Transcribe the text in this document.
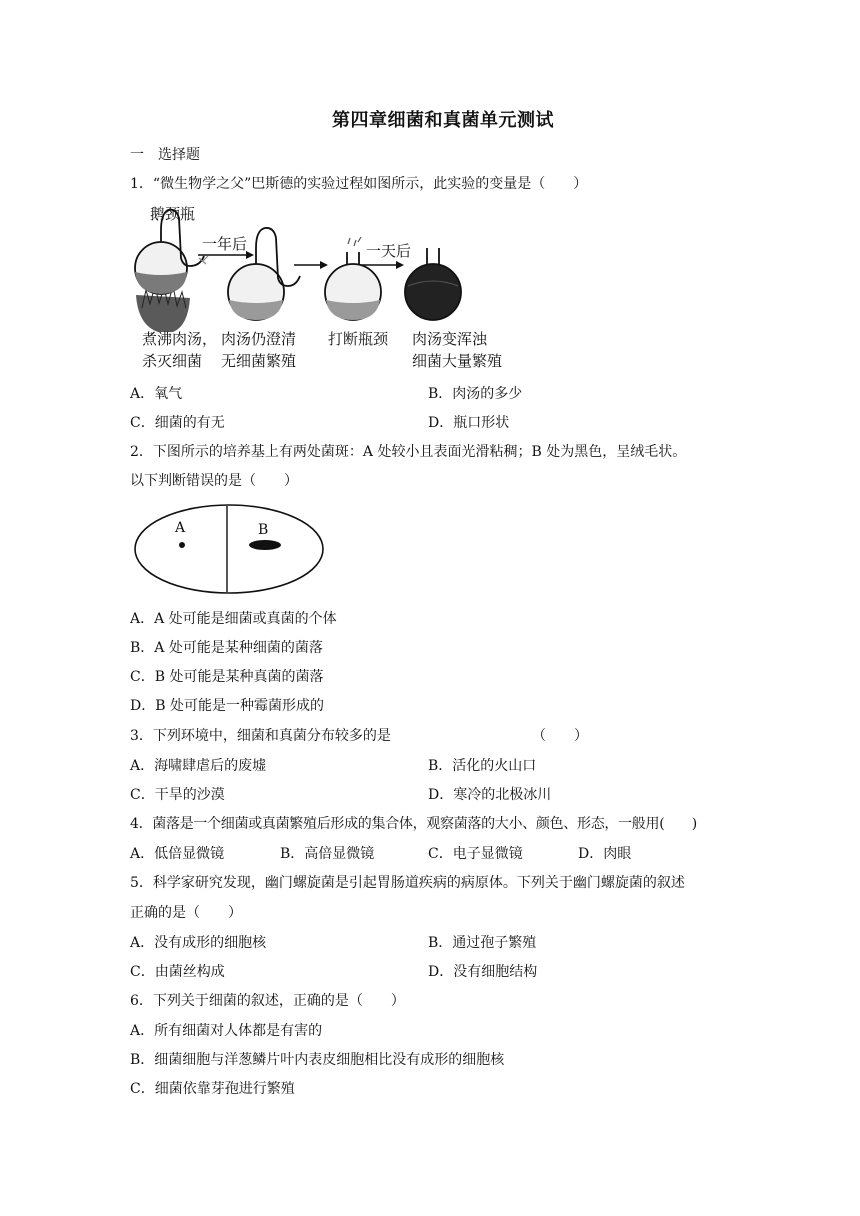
第四章细菌和真菌单元测试
一　选择题
1．“微生物学之父”巴斯德的实验过程如图所示，此实验的变量是（　　）
鹅颈瓶
一年后	一天后
煮沸肉汤，
杀灭细菌
肉汤仍澄清
无细菌繁殖
打断瓶颈 肉汤变浑浊
细菌大量繁殖
A．氧气	B．肉汤的多少
C．细菌的有无	D．瓶口形状
2．下图所示的培养基上有两处菌斑：A 处较小且表面光滑粘稠；B 处为黑色，呈绒毛状。
以下判断错误的是（　　）
A	B
A．A 处可能是细菌或真菌的个体
B．A 处可能是某种细菌的菌落
C．B 处可能是某种真菌的菌落
D．B 处可能是一种霉菌形成的
3．下列环境中，细菌和真菌分布较多的是	（　　）
A．海啸肆虐后的废墟	B．活化的火山口
C．干旱的沙漠	D．寒冷的北极冰川
4．菌落是一个细菌或真菌繁殖后形成的集合体，观察菌落的大小、颜色、形态，一般用(　　)
A．低倍显微镜	B．高倍显微镜	C．电子显微镜	D．肉眼
5．科学家研究发现，幽门螺旋菌是引起胃肠道疾病的病原体。下列关于幽门螺旋菌的叙述
正确的是（　　）
A．没有成形的细胞核	B．通过孢子繁殖
C．由菌丝构成	D．没有细胞结构
6．下列关于细菌的叙述，正确的是（　　）
A．所有细菌对人体都是有害的
B．细菌细胞与洋葱鳞片叶内表皮细胞相比没有成形的细胞核
C．细菌依靠芽孢进行繁殖
